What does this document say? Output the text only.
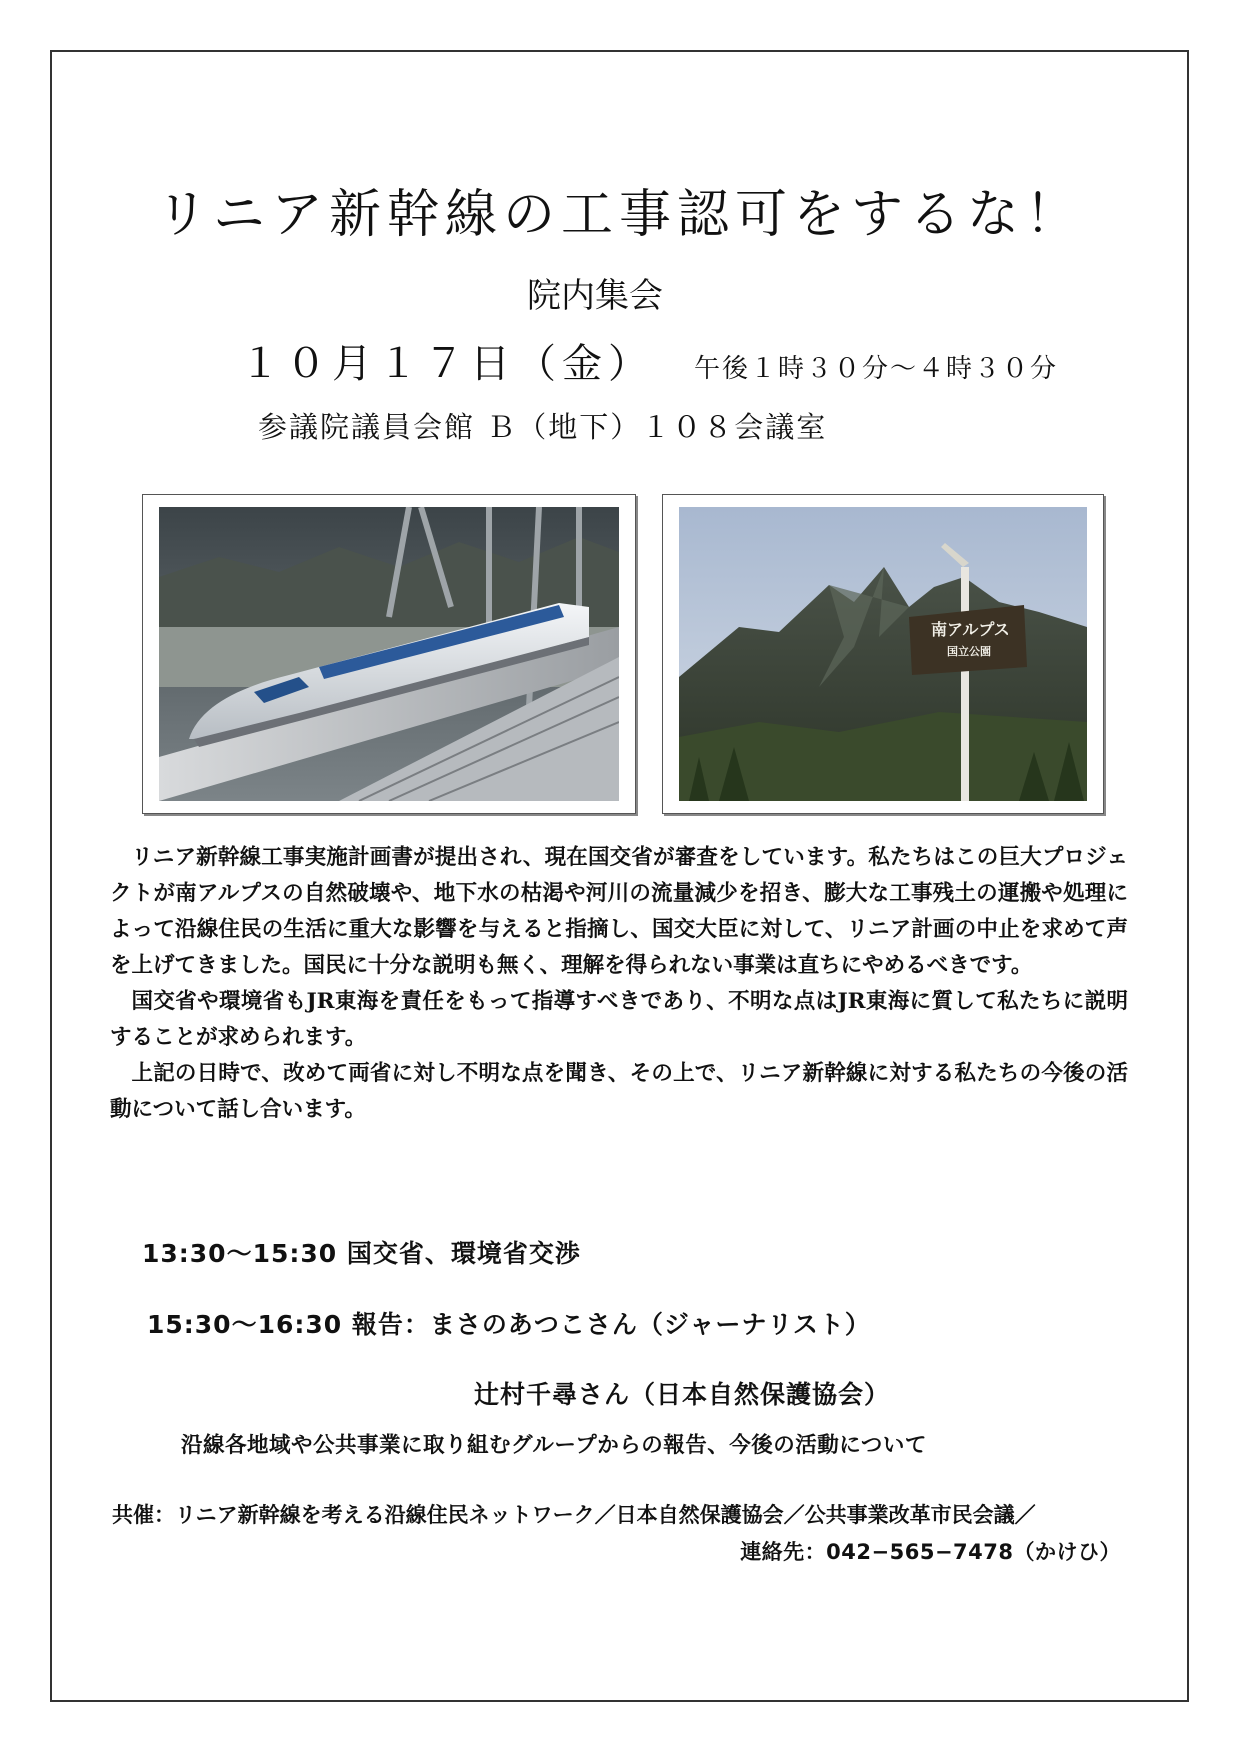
リニア新幹線の工事認可をするな！
院内集会
１０月１７日（金） 午後１時３０分〜４時３０分
参議院議員会館 Ｂ（地下）１０８会議室
南アルプス
国立公園

リニア新幹線工事実施計画書が提出され、現在国交省が審査をしています。私たちはこの巨大プロジェクトが南アルプスの自然破壊や、地下水の枯渇や河川の流量減少を招き、膨大な工事残土の運搬や処理によって沿線住民の生活に重大な影響を与えると指摘し、国交大臣に対して、リニア計画の中止を求めて声を上げてきました。国民に十分な説明も無く、理解を得られない事業は直ちにやめるべきです。

国交省や環境省もJR東海を責任をもって指導すべきであり、不明な点はJR東海に質して私たちに説明することが求められます。

上記の日時で、改めて両省に対し不明な点を聞き、その上で、リニア新幹線に対する私たちの今後の活動について話し合います。

13:30〜15:30 国交省、環境省交渉
15:30〜16:30 報告：まさのあつこさん（ジャーナリスト）
辻村千尋さん（日本自然保護協会）
沿線各地域や公共事業に取り組むグループからの報告、今後の活動について
共催：リニア新幹線を考える沿線住民ネットワーク／日本自然保護協会／公共事業改革市民会議／
連絡先：042−565−7478（かけひ）
